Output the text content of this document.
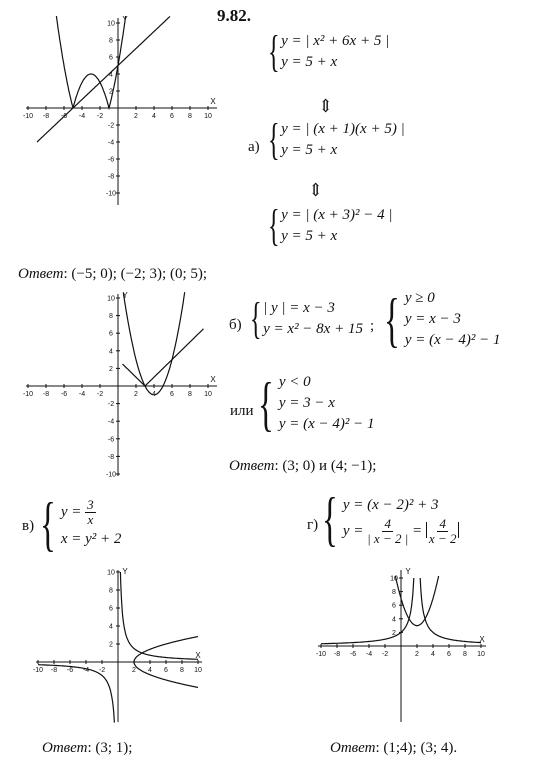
9.82.
-10 -8 -6 -4 -2	2 4 6 8 10
10
8
6
4
2
-2
-4
-6
-8
-10
X
Y
{ y = | x² + 6x + 5 |
y = 5 + x
⇕
а) { y = | (x + 1)(x + 5) |
y = 5 + x
⇕
{ y = | (x + 3)² − 4 |
y = 5 + x
Ответ: (−5; 0); (−2; 3); (0; 5);
-10 -8 -6 -4 -2	2 4 6 8 10
10
8
6
4
2
-2
-4
-6
-8
-10
X
Y
б) { | y | = x − 3
y = x² − 8x + 15 ; { y ≥ 0
y = x − 3
y = (x − 4)² − 1
или { y < 0
y = 3 − x
y = (x − 4)² − 1
Ответ: (3; 0) и (4; −1);
в) { $y = \frac{3}{x}$
x = y² + 2
-10 -8 -6 -4 -2	2 4 6 8 10
10
8
6
4
2
X
Y
Ответ: (3; 1);
г) { y = (x − 2)² + 3
$y = \frac{4}{| x - 2 |} = \frac{4}{x - 2}$
-10 -8 -6 -4 -2	2 4 6 8 10
10
8
6
4
2
X
Y
Ответ: (1;4); (3; 4).
